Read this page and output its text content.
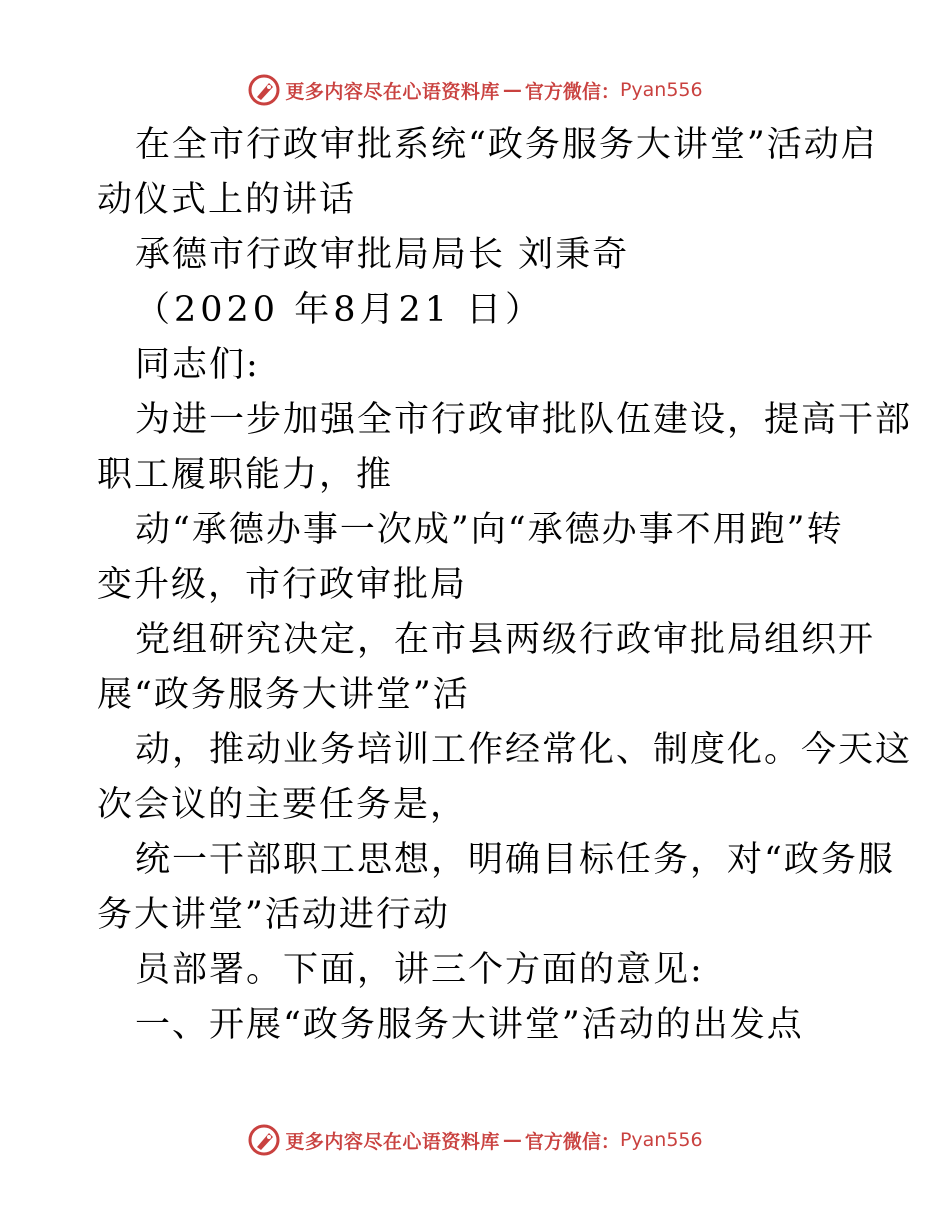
更多内容尽在心语资料库 — 官方微信： Pyan556
在全市行政审批系统“政务服务大讲堂”活动启
动仪式上的讲话
承德市行政审批局局长 刘秉奇
（2020 年8月21 日）
同志们:
为进一步加强全市行政审批队伍建设，提高干部
职工履职能力，推
动“承德办事一次成”向“承德办事不用跑”转
变升级，市行政审批局
党组研究决定，在市县两级行政审批局组织开
展“政务服务大讲堂”活
动，推动业务培训工作经常化、制度化。今天这
次会议的主要任务是，
统一干部职工思想，明确目标任务，对“政务服
务大讲堂”活动进行动
员部署。下面，讲三个方面的意见:
一、开展“政务服务大讲堂”活动的出发点
更多内容尽在心语资料库 — 官方微信： Pyan556
